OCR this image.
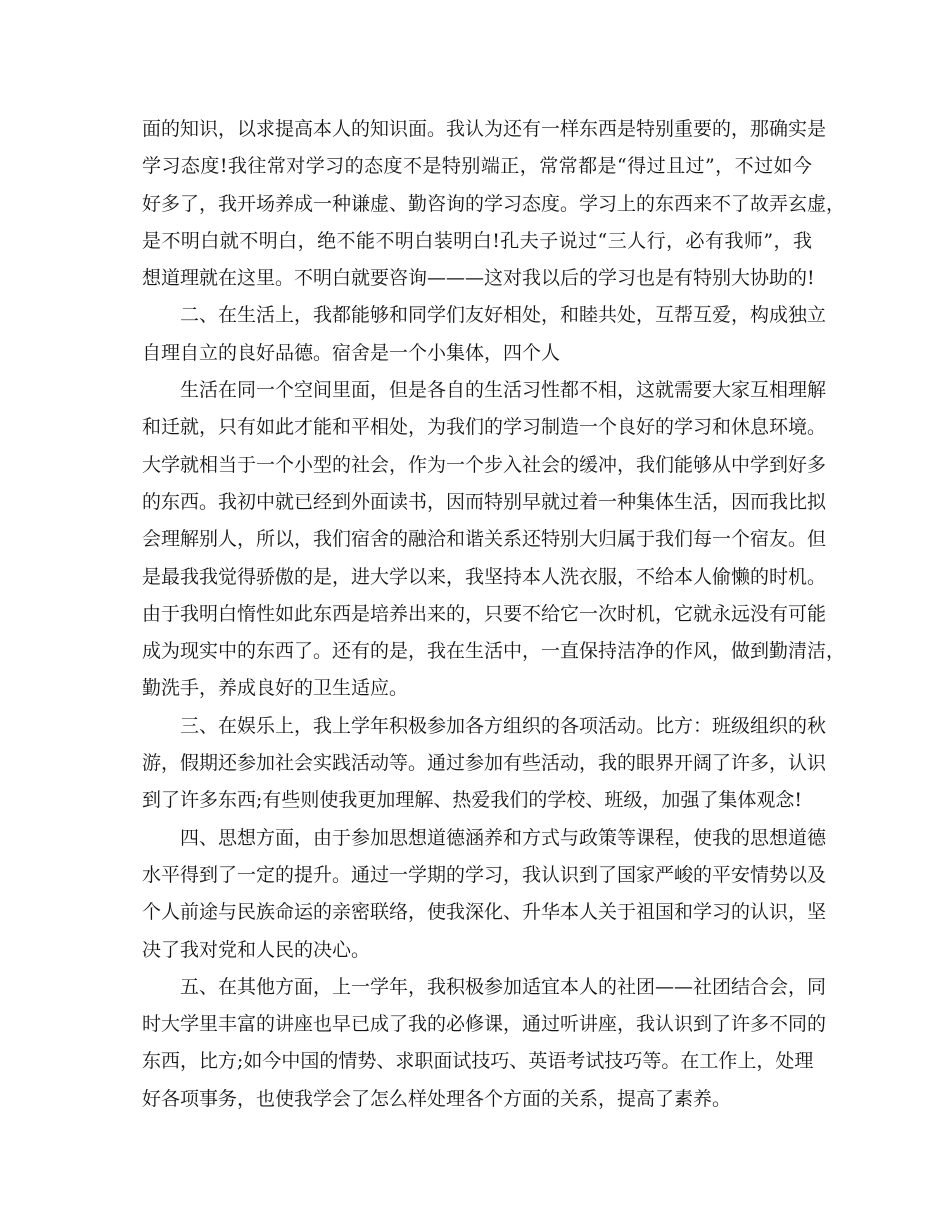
面的知识，以求提高本人的知识面。我认为还有一样东西是特别重要的，那确实是
学习态度!我往常对学习的态度不是特别端正，常常都是“得过且过”，不过如今
好多了，我开场养成一种谦虚、勤咨询的学习态度。学习上的东西来不了故弄玄虚，
是不明白就不明白，绝不能不明白装明白!孔夫子说过“三人行，必有我师”，我
想道理就在这里。不明白就要咨询———这对我以后的学习也是有特别大协助的!
二、在生活上，我都能够和同学们友好相处，和睦共处，互帮互爱，构成独立
自理自立的良好品德。宿舍是一个小集体，四个人
生活在同一个空间里面，但是各自的生活习性都不相，这就需要大家互相理解
和迁就，只有如此才能和平相处，为我们的学习制造一个良好的学习和休息环境。
大学就相当于一个小型的社会，作为一个步入社会的缓冲，我们能够从中学到好多
的东西。我初中就已经到外面读书，因而特别早就过着一种集体生活，因而我比拟
会理解别人，所以，我们宿舍的融洽和谐关系还特别大归属于我们每一个宿友。但
是最我我觉得骄傲的是，进大学以来，我坚持本人洗衣服，不给本人偷懒的时机。
由于我明白惰性如此东西是培养出来的，只要不给它一次时机，它就永远没有可能
成为现实中的东西了。还有的是，我在生活中，一直保持洁净的作风，做到勤清洁，
勤洗手，养成良好的卫生适应。
三、在娱乐上，我上学年积极参加各方组织的各项活动。比方：班级组织的秋
游，假期还参加社会实践活动等。通过参加有些活动，我的眼界开阔了许多，认识
到了许多东西;有些则使我更加理解、热爱我们的学校、班级，加强了集体观念!
四、思想方面，由于参加思想道德涵养和方式与政策等课程，使我的思想道德
水平得到了一定的提升。通过一学期的学习，我认识到了国家严峻的平安情势以及
个人前途与民族命运的亲密联络，使我深化、升华本人关于祖国和学习的认识，坚
决了我对党和人民的决心。
五、在其他方面，上一学年，我积极参加适宜本人的社团——社团结合会，同
时大学里丰富的讲座也早已成了我的必修课，通过听讲座，我认识到了许多不同的
东西，比方;如今中国的情势、求职面试技巧、英语考试技巧等。在工作上，处理
好各项事务，也使我学会了怎么样处理各个方面的关系，提高了素养。
